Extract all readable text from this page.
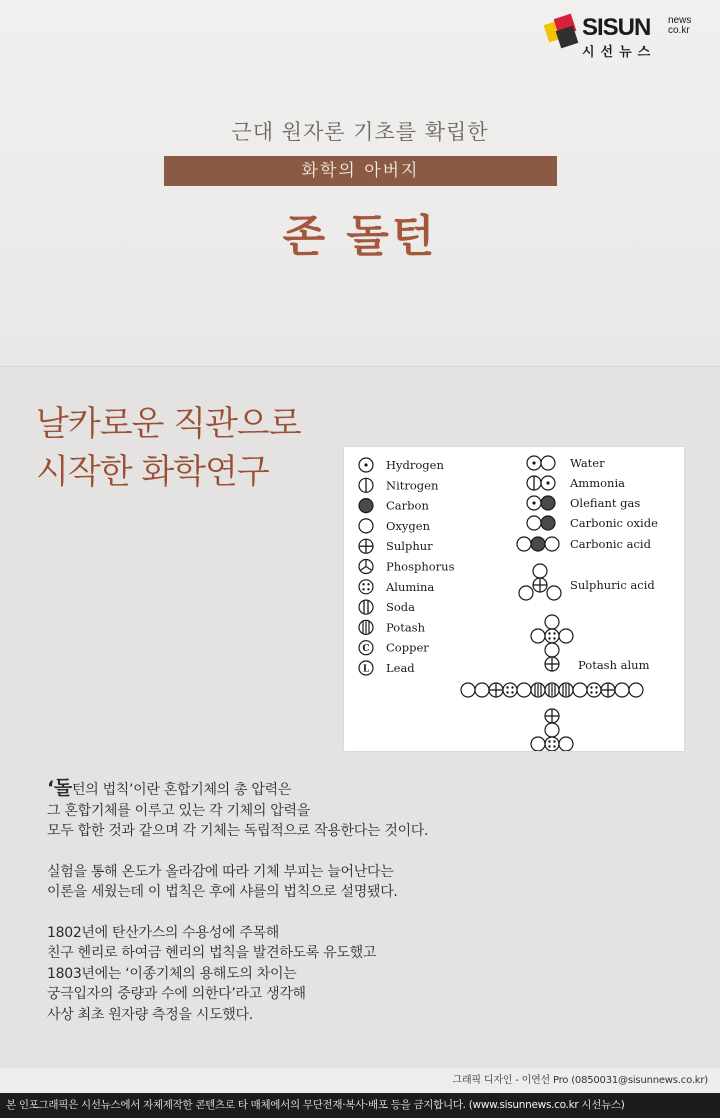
SISUN news
co.kr
시선뉴스
근대 원자론 기초를 확립한
화학의 아버지
존 돌턴
날카로운 직관으로
시작한 화학연구	Hydrogen
Nitrogen
Carbon
Oxygen
Sulphur
Phosphorus
Alumina
Soda
Potash
C Copper
L Lead
Water
Ammonia
Olefiant gas
Carbonic oxide
Carbonic acid
Sulphuric acid
Potash alum
‘돌턴의 법칙’이란 혼합기체의 총 압력은
그 혼합기체를 이루고 있는 각 기체의 압력을
모두 합한 것과 같으며 각 기체는 독립적으로 작용한다는 것이다.
실험을 통해 온도가 올라감에 따라 기체 부피는 늘어난다는
이론을 세웠는데 이 법칙은 후에 샤를의 법칙으로 설명됐다.
1802년에 탄산가스의 수용성에 주목해
친구 헨리로 하여금 헨리의 법칙을 발견하도록 유도했고
1803년에는 ‘이종기체의 용해도의 차이는
궁극입자의 중량과 수에 의한다’라고 생각해
사상 최초 원자량 측정을 시도했다.
그래픽 디자인 - 이연선 Pro (0850031@sisunnews.co.kr)
본 인포그래픽은 시선뉴스에서 자체제작한 콘텐츠로 타 매체에서의 무단전재·복사·배포 등을 금지합니다. (www.sisunnews.co.kr 시선뉴스)
